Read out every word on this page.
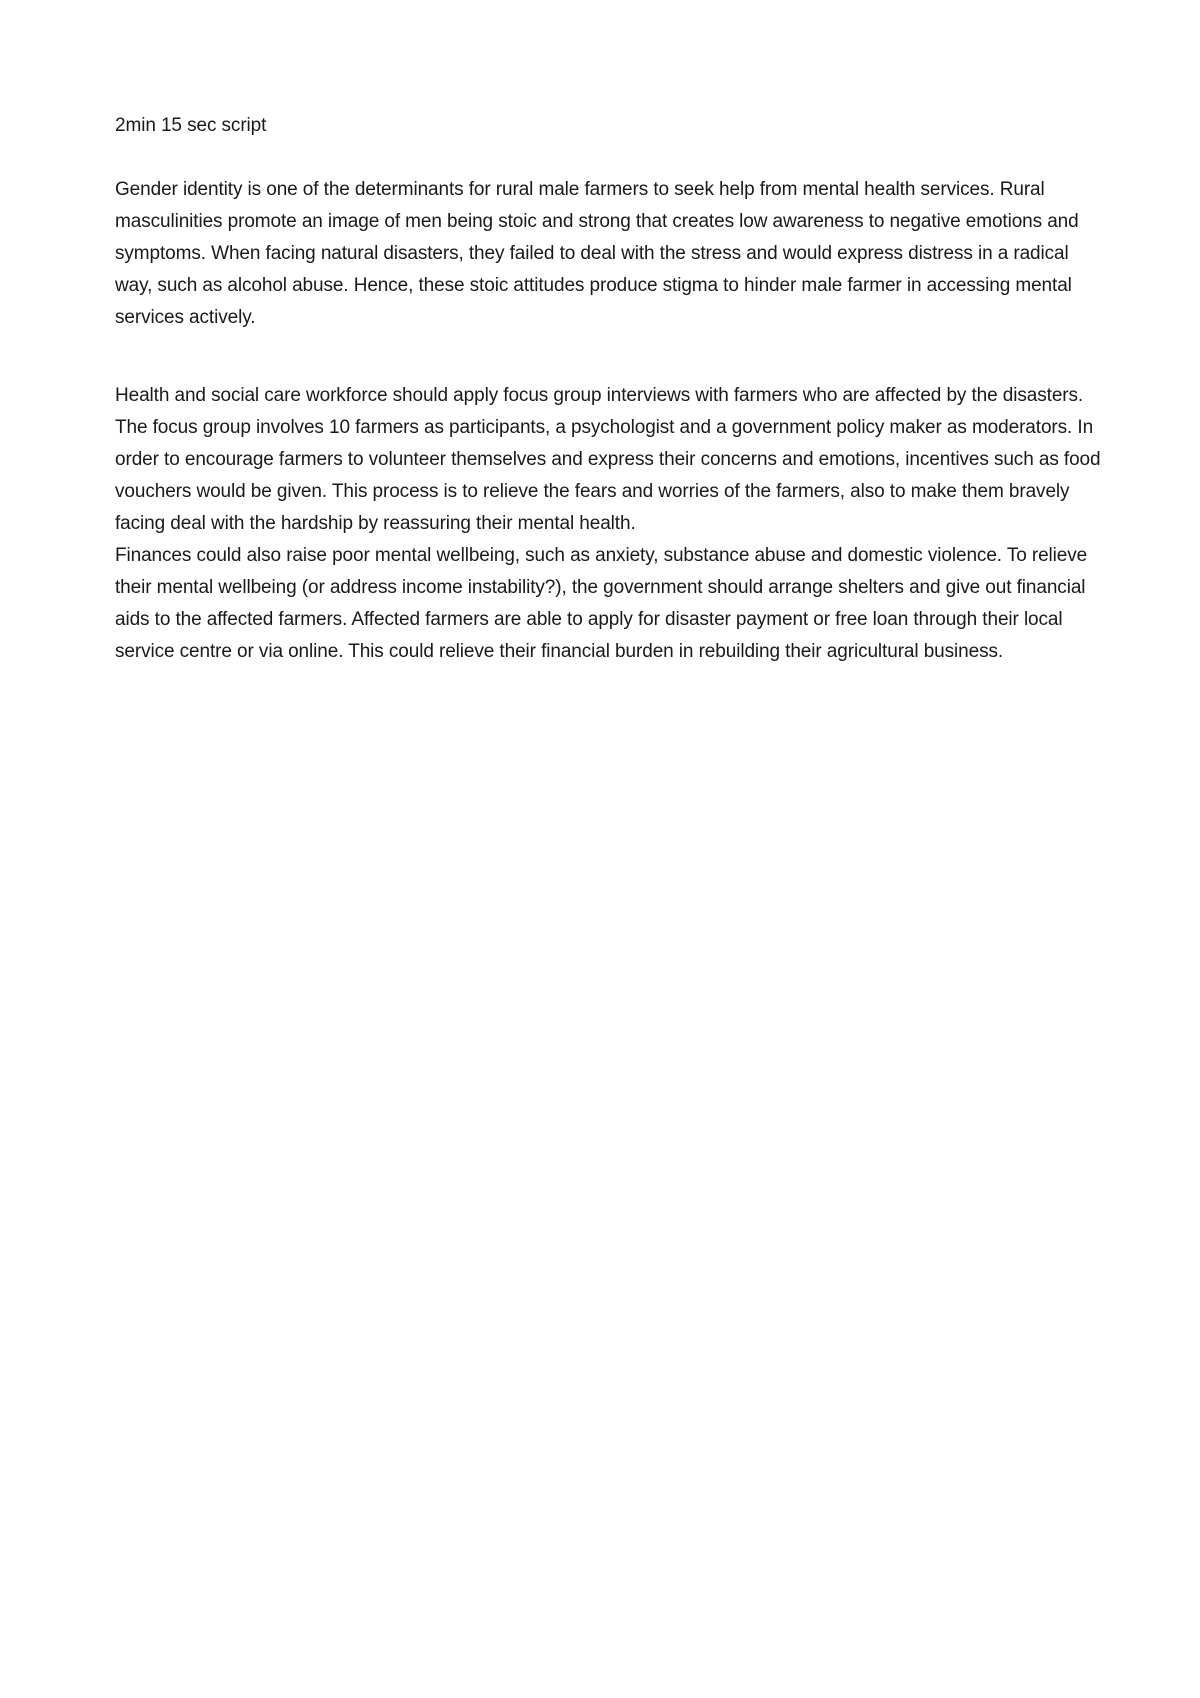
2min 15 sec script

Gender identity is one of the determinants for rural male farmers to seek help from mental health services. Rural masculinities promote an image of men being stoic and strong that creates low awareness to negative emotions and symptoms. When facing natural disasters, they failed to deal with the stress and would express distress in a radical way, such as alcohol abuse. Hence, these stoic attitudes produce stigma to hinder male farmer in accessing mental services actively.

Health and social care workforce should apply focus group interviews with farmers who are affected by the disasters. The focus group involves 10 farmers as participants, a psychologist and a government policy maker as moderators. In order to encourage farmers to volunteer themselves and express their concerns and emotions, incentives such as food vouchers would be given. This process is to relieve the fears and worries of the farmers, also to make them bravely facing deal with the hardship by reassuring their mental health.

Finances could also raise poor mental wellbeing, such as anxiety, substance abuse and domestic violence. To relieve their mental wellbeing (or address income instability?), the government should arrange shelters and give out financial aids to the affected farmers. Affected farmers are able to apply for disaster payment or free loan through their local service centre or via online. This could relieve their financial burden in rebuilding their agricultural business.
